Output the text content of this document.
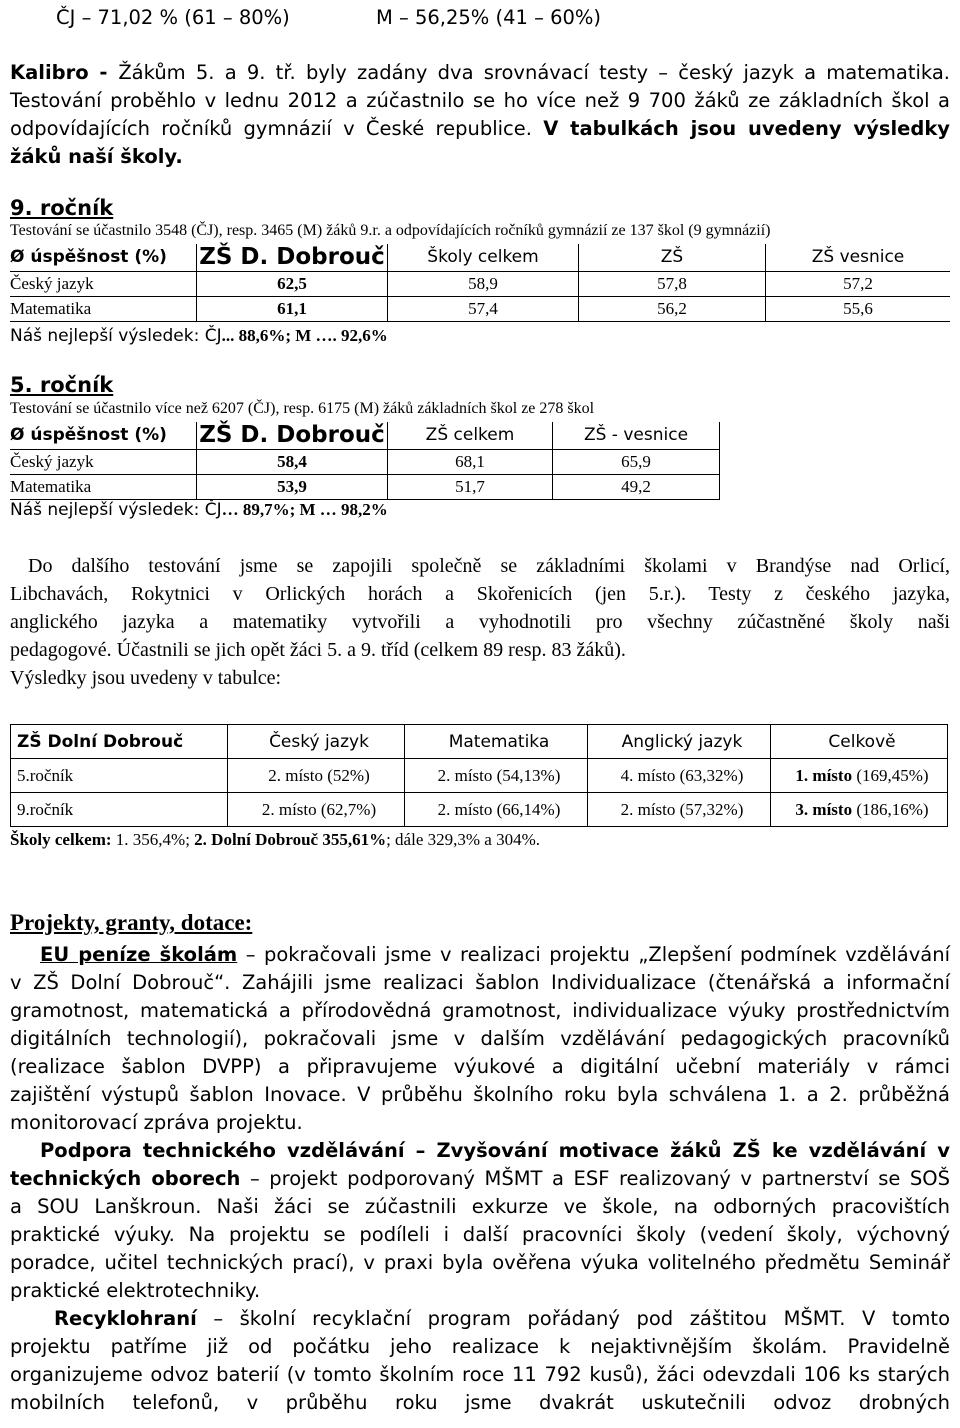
ČJ – 71,02 % (61 – 80%)	M – 56,25% (41 – 60%)
Kalibro - Žákům 5. a 9. tř. byly zadány dva srovnávací testy – český jazyk a matematika.
Testování proběhlo v lednu 2012 a zúčastnilo se ho více než 9 700 žáků ze základních škol a
odpovídajících ročníků gymnázií v České republice. V tabulkách jsou uvedeny výsledky
žáků naší školy.
9. ročník
Testování se účastnilo 3548 (ČJ), resp. 3465 (M) žáků 9.r. a odpovídajících ročníků gymnázií ze 137 škol (9 gymnázií)
Ø úspěšnost (%)	ZŠ D. Dobrouč	Školy celkem	ZŠ	ZŠ vesnice
Český jazyk	62,5	58,9	57,8	57,2
Matematika	61,1	57,4	56,2	55,6
Náš nejlepší výsledek: ČJ... 88,6%; M …. 92,6%
5. ročník
Testování se účastnilo více než 6207 (ČJ), resp. 6175 (M) žáků základních škol ze 278 škol
Ø úspěšnost (%)	ZŠ D. Dobrouč	ZŠ celkem	ZŠ - vesnice
Český jazyk	58,4	68,1	65,9
Matematika	53,9	51,7	49,2
Náš nejlepší výsledek: ČJ… 89,7%; M … 98,2%
Do dalšího testování jsme se zapojili společně se základními školami v Brandýse nad Orlicí,
Libchavách, Rokytnici v Orlických horách a Skořenicích (jen 5.r.). Testy z českého jazyka,
anglického jazyka a matematiky vytvořili a vyhodnotili pro všechny zúčastněné školy naši
pedagogové. Účastnili se jich opět žáci 5. a 9. tříd (celkem 89 resp. 83 žáků).
Výsledky jsou uvedeny v tabulce:
ZŠ Dolní Dobrouč	Český jazyk	Matematika	Anglický jazyk	Celkově
5.ročník	2. místo (52%)	2. místo (54,13%)	4. místo (63,32%)	1. místo (169,45%)
9.ročník	2. místo (62,7%)	2. místo (66,14%)	2. místo (57,32%)	3. místo (186,16%)
Školy celkem: 1. 356,4%; 2. Dolní Dobrouč 355,61%; dále 329,3% a 304%.
Projekty, granty, dotace:
EU peníze školám – pokračovali jsme v realizaci projektu „Zlepšení podmínek vzdělávání
v ZŠ Dolní Dobrouč“. Zahájili jsme realizaci šablon Individualizace (čtenářská a informační
gramotnost, matematická a přírodovědná gramotnost, individualizace výuky prostřednictvím
digitálních technologií), pokračovali jsme v dalším vzdělávání pedagogických pracovníků
(realizace šablon DVPP) a připravujeme výukové a digitální učební materiály v rámci
zajištění výstupů šablon Inovace. V průběhu školního roku byla schválena 1. a 2. průběžná
monitorovací zpráva projektu.
Podpora technického vzdělávání – Zvyšování motivace žáků ZŠ ke vzdělávání v
technických oborech – projekt podporovaný MŠMT a ESF realizovaný v partnerství se SOŠ
a SOU Lanškroun. Naši žáci se zúčastnili exkurze ve škole, na odborných pracovištích
praktické výuky. Na projektu se podíleli i další pracovníci školy (vedení školy, výchovný
poradce, učitel technických prací), v praxi byla ověřena výuka volitelného předmětu Seminář
praktické elektrotechniky.
Recyklohraní – školní recyklační program pořádaný pod záštitou MŠMT. V tomto
projektu patříme již od počátku jeho realizace k nejaktivnějším školám. Pravidelně
organizujeme odvoz baterií (v tomto školním roce 11 792 kusů), žáci odevzdali 106 ks starých
mobilních telefonů, v průběhu roku jsme dvakrát uskutečnili odvoz drobných
